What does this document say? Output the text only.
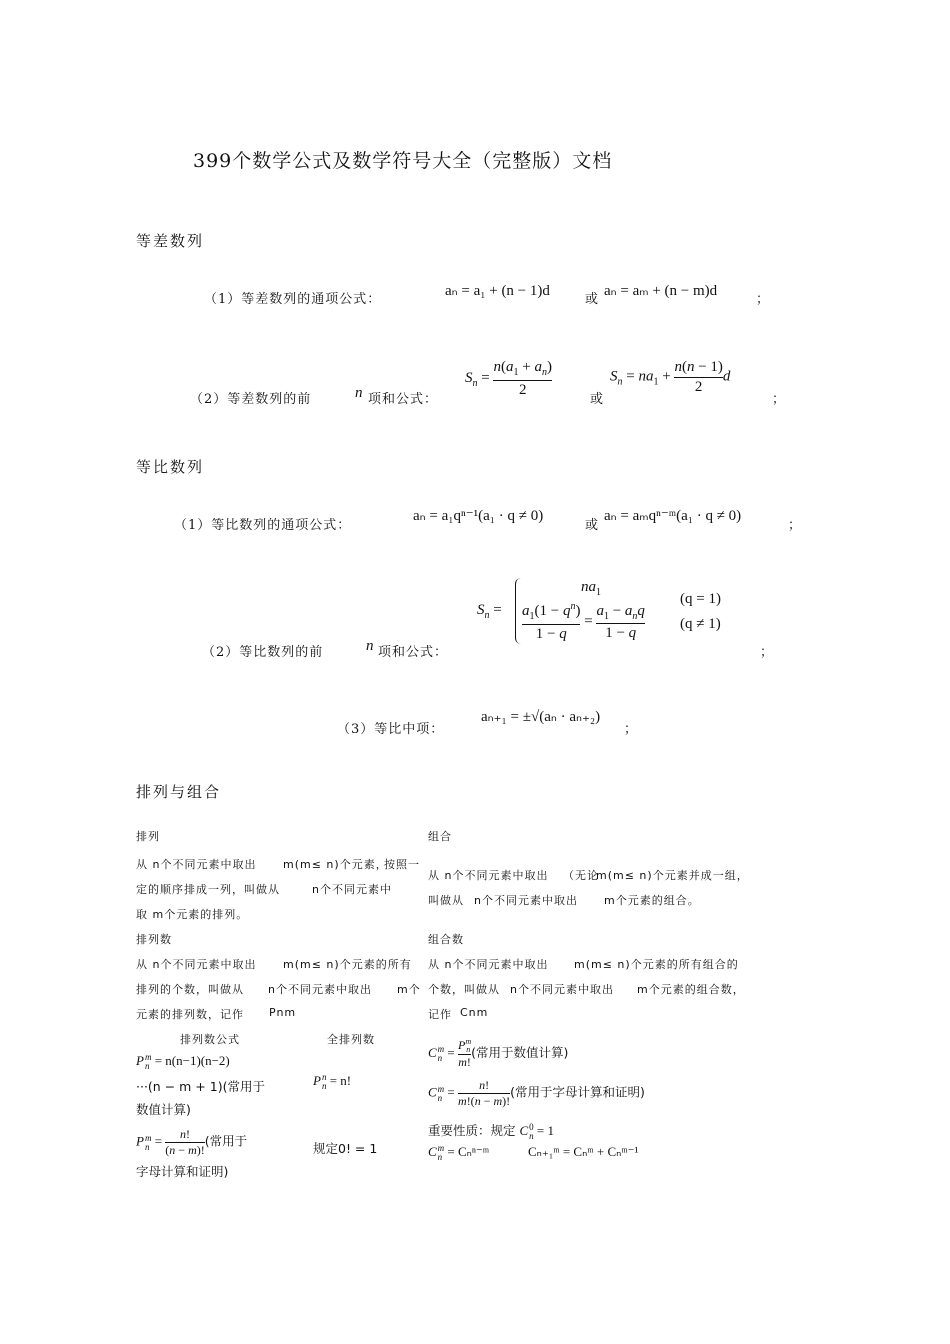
399个数学公式及数学符号大全（完整版）文档
等差数列
（1）等差数列的通项公式：
aₙ = a₁ + (n − 1)d
或
aₙ = aₘ + (n − m)d
；
（2）等差数列的前	n 项和公式：
$S_n = \frac{n(a_1 + a_n)}{2}$
或
$S_n = na_1 + \frac{n(n - 1)}{2}$ d
；
等比数列
（1）等比数列的通项公式：
aₙ = a₁qⁿ⁻¹(a₁ · q ≠ 0)
或
aₙ = aₘqⁿ⁻ᵐ(a₁ · q ≠ 0)
；
（2）等比数列的前	n 项和公式：
$S_n$ =
$na_1$
$\frac{a_1(1 - q^n)}{1 - q} = \frac{a_1 - a_nq}{1 - q}$
(q = 1)
(q ≠ 1)
；
（3）等比中项：
aₙ₊₁ = ±√(aₙ · aₙ₊₂)
；
排列与组合
排列
从 n个不同元素中取出 m(m≤ n)个元素，
按照一
定的顺序排成一列，叫做从	n个不同元素中
取 m个元素的排列。
排列数
从 n个不同元素中取出 m(m≤ n)个元素的所有
排列的个数，叫做从 n个不同元素中取出 m个
元素的排列数，记作 Pnm
排列数公式	全排列数
Pm
n = n(n−1)(n−2)
···(n − m + 1)(常用于
数值计算)
Pm
$n = \frac{n!}{(n - m)!}$ (常用于
字母计算和证明)
Pn
n = n!
规定0! = 1
组合
从 n个不同元素中取出 （无论
m(m≤ n)个元素并成一组，
叫做从 n个不同元素中取出 m个元素的组合。
组合数
从 n个不同元素中取出 m(m≤ n)个元素的所有组合的
个数，叫做从 n个不同元素中取出 m个元素的组合数，
记作 Cnm
Cm
n =
Pm
n
m!
(常用于数值计算)
Cm
$n = \frac{n!}{m!(n - m)!}$ (常用于字母计算和证明)
重要性质：规定 C0
n = 1
Cm
n = Cₙⁿ⁻ᵐ	Cₙ₊₁ᵐ = Cₙᵐ + Cₙᵐ⁻¹
